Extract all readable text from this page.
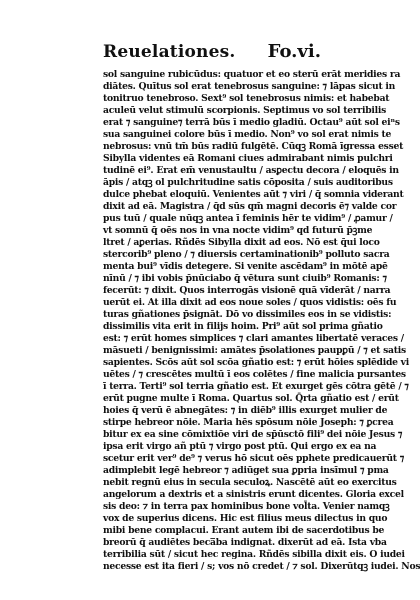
Reuelationes. Fo.vi.
sol sanguine rubicūdus: quatuor et eo sterū erāt meridies ra
diātes. Quītus sol erat tenebrosus sanguine: ⁊ lāpas sicut in
tonitruo tenebroso. Sext⁹ sol tenebrosus nimis: et habebat
aculeū velut stimulū scorpionis. Septimus vo sol terribilis
erat ⁊ sanguine⁊ terrā būs ī medio gladiū. Octau⁹ aūt sol eiⁿs
sua sanguinei colore būs ī medio. Non⁹ vo sol erat nimis te
nebrosus: vnū tm̄ būs radiū fulgētē. Cūqꝫ Romā īgressa esset
Sibylla videntes eā Romani ciues admirabant nimis pulchri
tudinē ei⁹. Erat em̄ venustaultu / asꝑectu decora / eloquēs in
āpis / atqꝫ ol pulchritudine satis cōposita / suis auditoribus
dulce phebat eloquiū. Venientes aūt ⁊ viri / q̄ somnia viderant
dixit ad eā. Magistra / q̄d sūs qm̄ magni decoris ē⁊ valde cor
pus tuū / quale nūqꝫ antea ī feminis hēr te vidim⁹ / ꝓamur /
vt somnū q̄ oēs nos in vna nocte vidim⁹ qd futurū p̄ꝫme
ltret / aꝑerias. Rñdēs Sibylla dixit ad eos. Nō est q̄ui loco
stercorib⁹ pleno / ⁊ diuersis certaminationib⁹ polluto sacra
menta bui⁹ vīdis detegere. Si venite ascēdam⁹ in mōtē apē
nīnū / ⁊ ibi vobis p̄nūciabo q̄ vētura sunt ciuib⁹ Romanis: ⁊
fecerūt: ⁊ dixit. Quos interrogās visionē quā vīderāt / narra
uerūt ei. At illa dixit ad eos noue soles / quos vidistis: oēs fu
turas gñationes p̄signāt. Dō vo dissimiles eos in se vidistis:
dissimilis vita erit in filijs hoim. Pri⁹ aūt sol prima gñatio
est: ⁊ erūt homes simplices ⁊ clari amantes libertatē veraces /
māsueti / benignissimi: amātes p̄solationes paupꝑū / ⁊ et satis
sapientes. Scōs aūt sol scōa gñatio est: ⁊ erūt hōies splēdide vi
uētes / ⁊ crescētes multū ī eos colētes / fine malicia pursantes
ī terra. Terti⁹ sol terria gñatio est. Et exurget gēs cōtra gētē / ⁊
erūt pugne multe ī Roma. Quartus sol. Q̄rta gñatio est / erūt
hoies q̄ verū ē abnegātes: ⁊ in diēb⁹ illis exurget mulier de
stirpe hebreor nōie. Maria hēs spōsum nōie Joseph: ⁊ ꝑcrea
bitur ex ea sine cōmixtiōe viri de sp̄ūsctō fili⁹ dei nōie Jesus ⁊
ipsa erit virgo añ ptū ⁊ virgo post ptū. Qui ergo ex ea na
scetur erit ver⁹ de⁹ ⁊ verus hō sicut oēs pphete predicauerūt ⁊
adimplebit legē hebreor ⁊ adiūget sua ꝑpria insīmul ⁊ pma
nebit regnū eius in secula seculoꝝ. Nascētē aūt eo exercitus
angelorum a dextris et a sinistris erunt dicentes. Gloria excel
sis deo: ⁊ in terra pax hominibus bone vol̄ta. Venier namqꝫ
vox de superius dicens. Hic est filius meus dilectus in quo
mibi bene complacui. Erant autem ibi de sacerdotibus be
breorū q̄ audiētes beca̅ba indignat. dixerūt ad eā. Ista vba
terribilia sūt / sicut hec regina. Rñdēs sibilla dixit eis. O iudei
necesse est ita fieri / s; vos nō credet / ⁊ sol. Dixerūtqꝫ iudei. Nos
